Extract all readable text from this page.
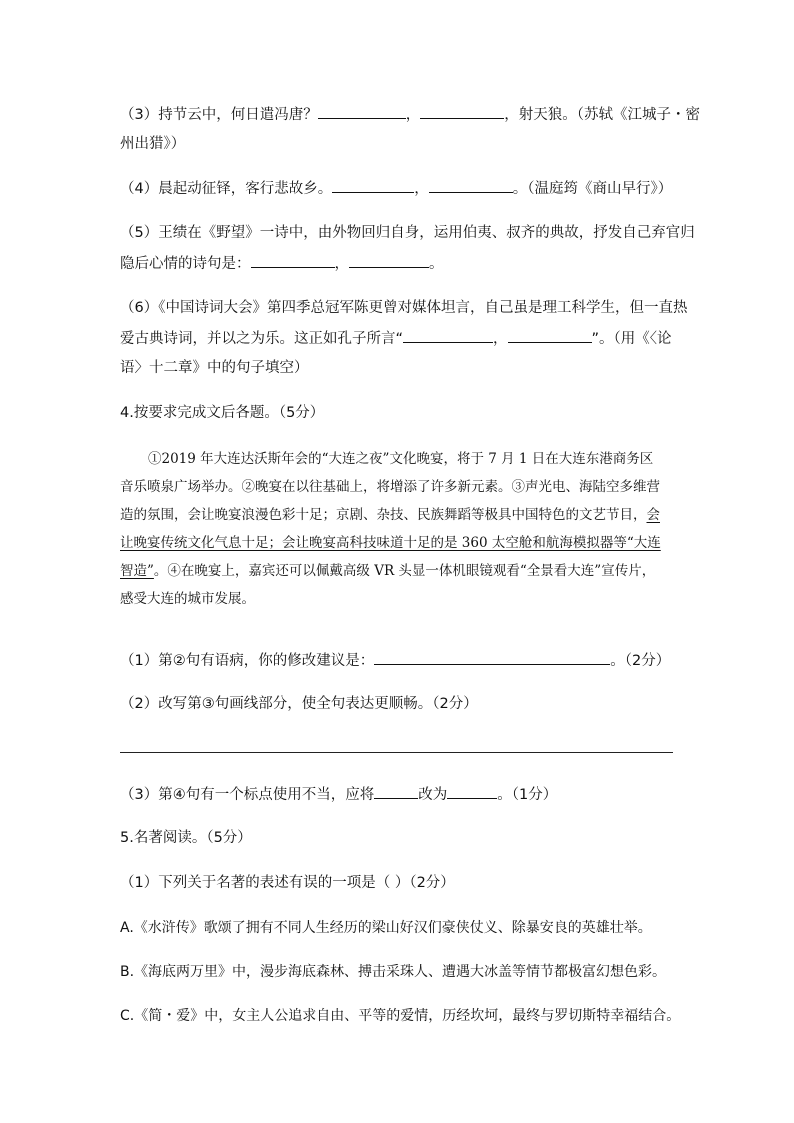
（3）持节云中，何日遣冯唐？	，	，射天狼。（苏轼《江城子・密
州出猎》）
（4）晨起动征铎，客行悲故乡。	，	。（温庭筠《商山早行》）
（5）王绩在《野望》一诗中，由外物回归自身，运用伯夷、叔齐的典故，抒发自己弃官归
隐后心情的诗句是：	，	。
（6）《中国诗词大会》第四季总冠军陈更曾对媒体坦言，自己虽是理工科学生，但一直热
爱古典诗词，并以之为乐。这正如孔子所言“	，	”。（用《〈论
语〉十二章》中的句子填空）
4.按要求完成文后各题。（5分）
①2019 年大连达沃斯年会的“大连之夜”文化晚宴，将于 7 月 1 日在大连东港商务区
音乐喷泉广场举办。②晚宴在以往基础上，将增添了许多新元素。③声光电、海陆空多维营
造的氛围，会让晚宴浪漫色彩十足；京剧、杂技、民族舞蹈等极具中国特色的文艺节目，会
让晚宴传统文化气息十足；会让晚宴高科技味道十足的是 360 太空舱和航海模拟器等“大连
智造”。④在晚宴上，嘉宾还可以佩戴高级 VR 头显一体机眼镜观看“全景看大连”宣传片，
感受大连的城市发展。
（1）第②句有语病，你的修改建议是：	。（2分）
（2）改写第③句画线部分，使全句表达更顺畅。（2分）
（3）第④句有一个标点使用不当，应将	改为	。（1分）
5.名著阅读。（5分）
（1）下列关于名著的表述有误的一项是（ ）（2分）
A.《水浒传》歌颂了拥有不同人生经历的梁山好汉们豪侠仗义、除暴安良的英雄壮举。
B.《海底两万里》中，漫步海底森林、搏击采珠人、遭遇大冰盖等情节都极富幻想色彩。
C.《简・爱》中，女主人公追求自由、平等的爱情，历经坎坷，最终与罗切斯特幸福结合。
